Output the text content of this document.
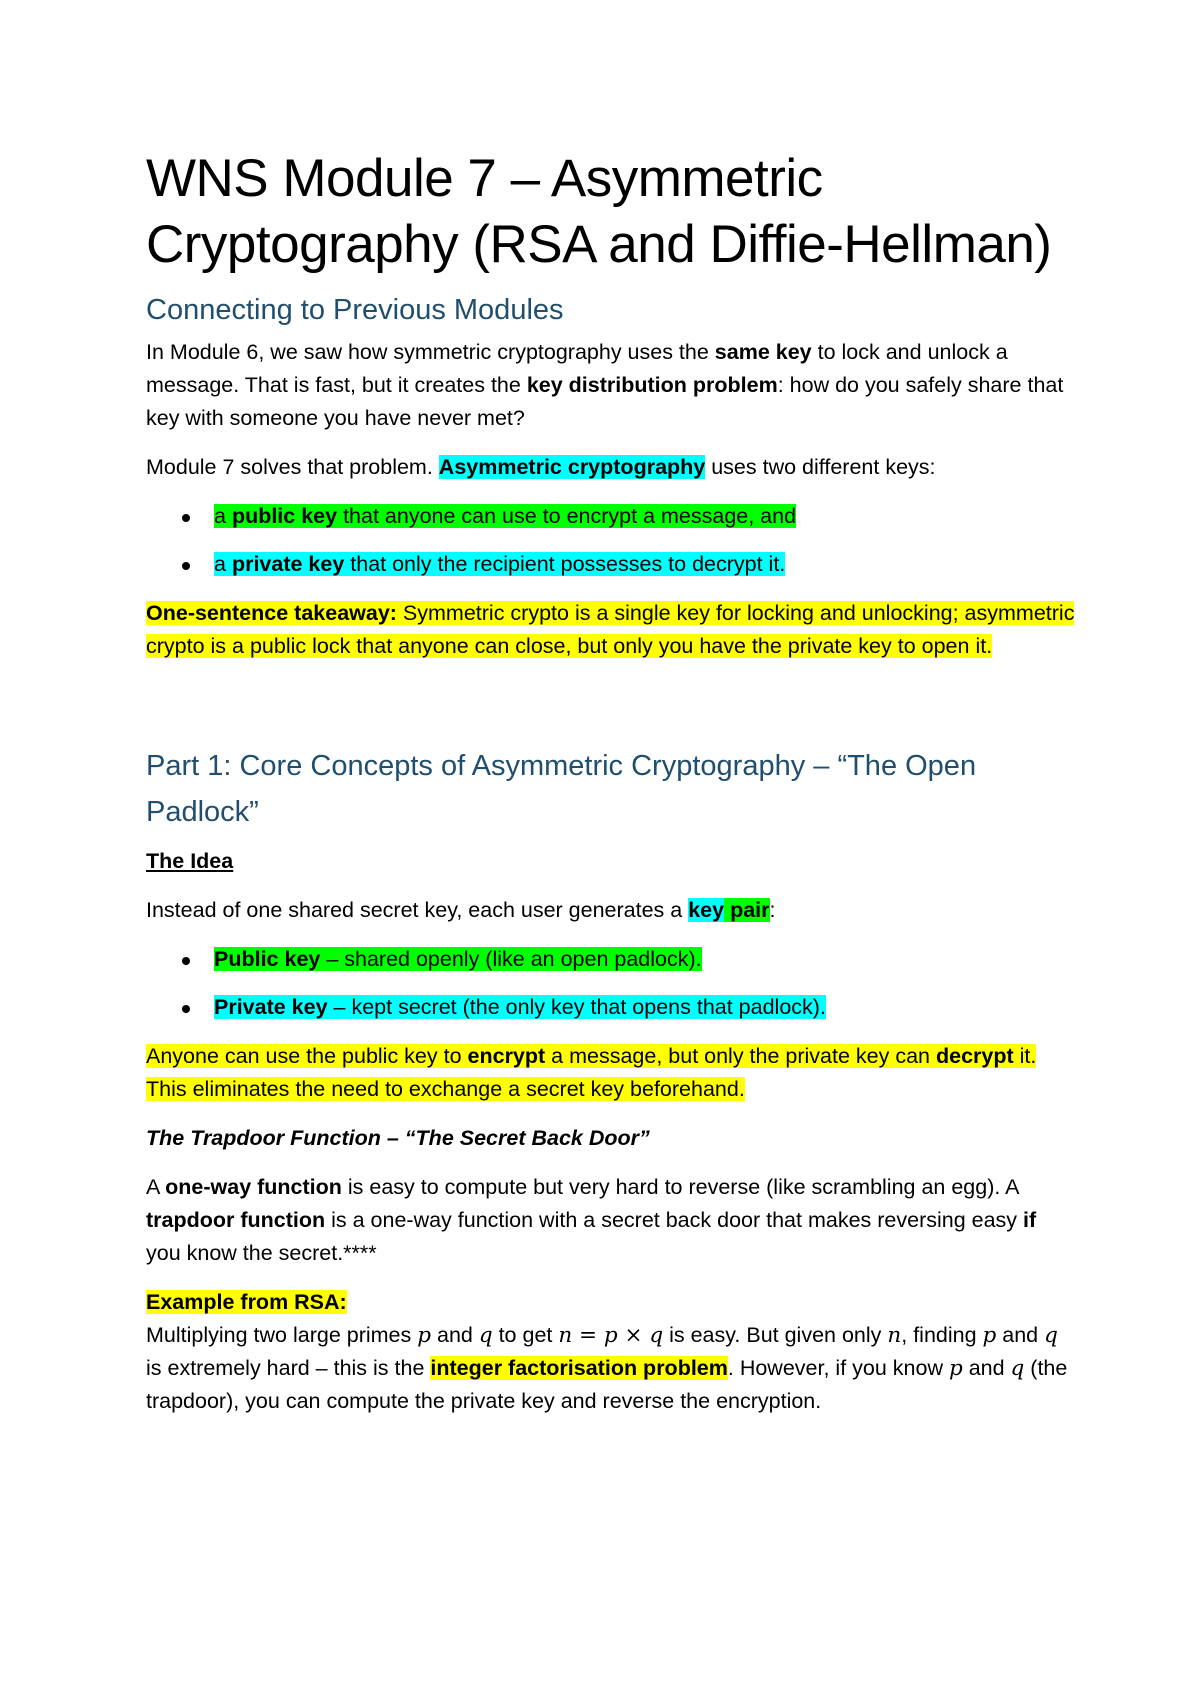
WNS Module 7 – Asymmetric Cryptography (RSA and Diffie-Hellman)
Connecting to Previous Modules

In Module 6, we saw how symmetric cryptography uses the same key to lock and unlock a message. That is fast, but it creates the key distribution problem: how do you safely share that key with someone you have never met?

Module 7 solves that problem. Asymmetric cryptography uses two different keys:

a public key that anyone can use to encrypt a message, and
a private key that only the recipient possesses to decrypt it.

One-sentence takeaway: Symmetric crypto is a single key for locking and unlocking; asymmetric crypto is a public lock that anyone can close, but only you have the private key to open it.

Part 1: Core Concepts of Asymmetric Cryptography – “The Open Padlock”

The Idea

Instead of one shared secret key, each user generates a key pair:

Public key – shared openly (like an open padlock).
Private key – kept secret (the only key that opens that padlock).

Anyone can use the public key to encrypt a message, but only the private key can decrypt it. This eliminates the need to exchange a secret key beforehand.

The Trapdoor Function – “The Secret Back Door”

A one-way function is easy to compute but very hard to reverse (like scrambling an egg). A trapdoor function is a one-way function with a secret back door that makes reversing easy if you know the secret.****

Example from RSA:

Multiplying two large primes p and q to get n = p × q is easy. But given only n, finding p and q is extremely hard – this is the integer factorisation problem. However, if you know p and q (the trapdoor), you can compute the private key and reverse the encryption.
